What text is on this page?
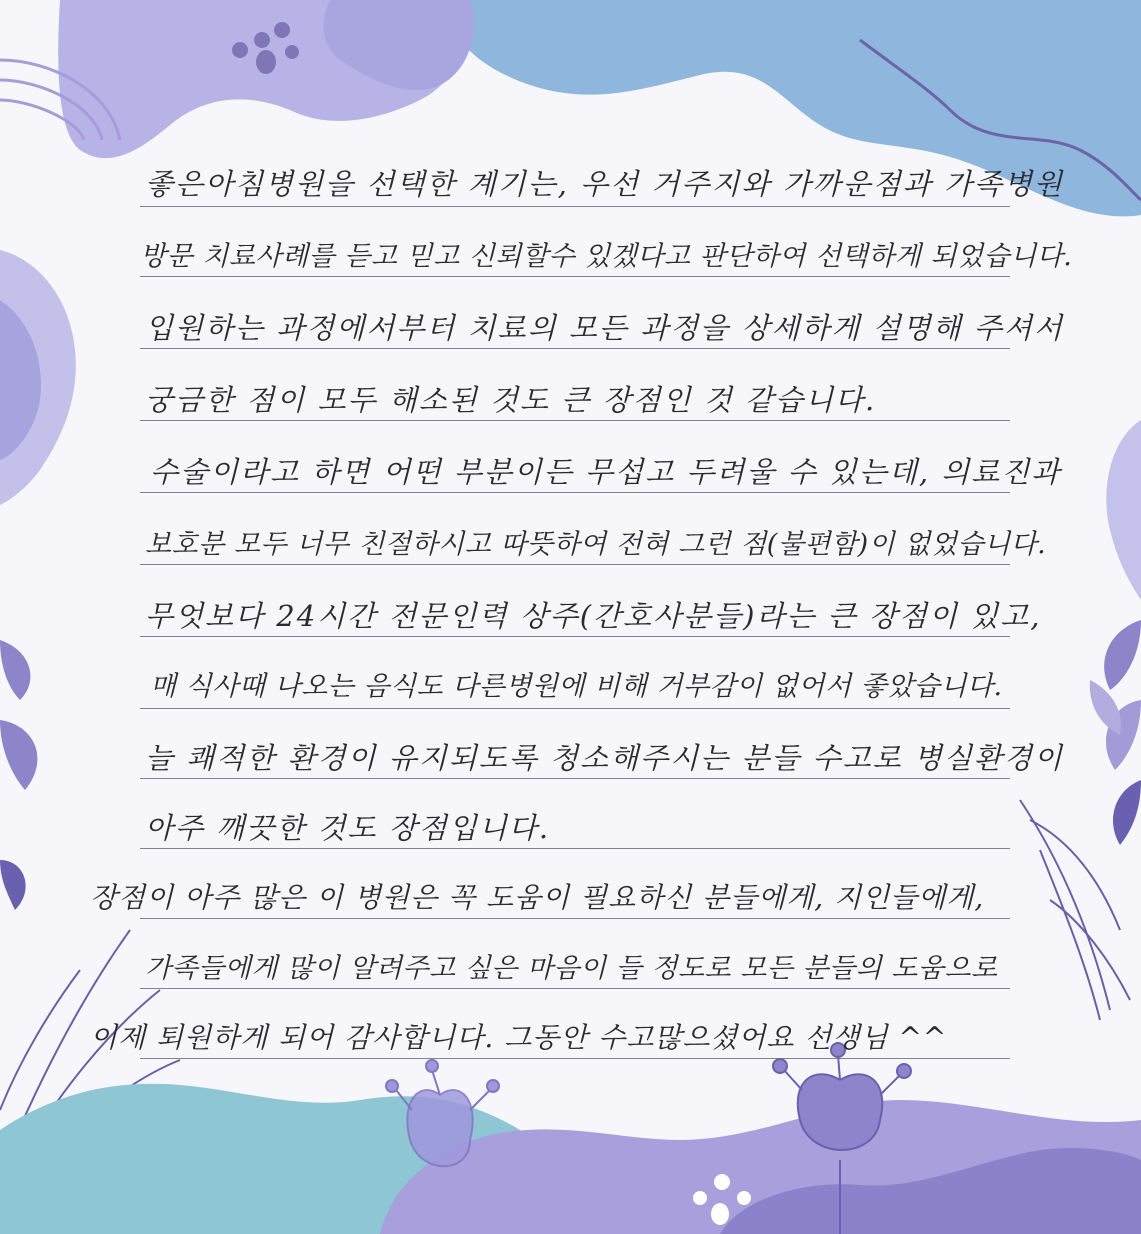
좋은아침병원을 선택한 계기는, 우선 거주지와 가까운점과 가족병원
방문 치료사례를 듣고 믿고 신뢰할수 있겠다고 판단하여 선택하게 되었습니다.
입원하는 과정에서부터 치료의 모든 과정을 상세하게 설명해 주셔서
궁금한 점이 모두 해소된 것도 큰 장점인 것 같습니다.
수술이라고 하면 어떤 부분이든 무섭고 두려울 수 있는데, 의료진과
보호분 모두 너무 친절하시고 따뜻하여 전혀 그런 점(불편함)이 없었습니다.
무엇보다 24시간 전문인력 상주(간호사분들)라는 큰 장점이 있고,
매 식사때 나오는 음식도 다른병원에 비해 거부감이 없어서 좋았습니다.
늘 쾌적한 환경이 유지되도록 청소해주시는 분들 수고로 병실환경이
아주 깨끗한 것도 장점입니다.
장점이 아주 많은 이 병원은 꼭 도움이 필요하신 분들에게, 지인들에게,
가족들에게 많이 알려주고 싶은 마음이 들 정도로 모든 분들의 도움으로
이제 퇴원하게 되어 감사합니다. 그동안 수고많으셨어요 선생님 ^^
